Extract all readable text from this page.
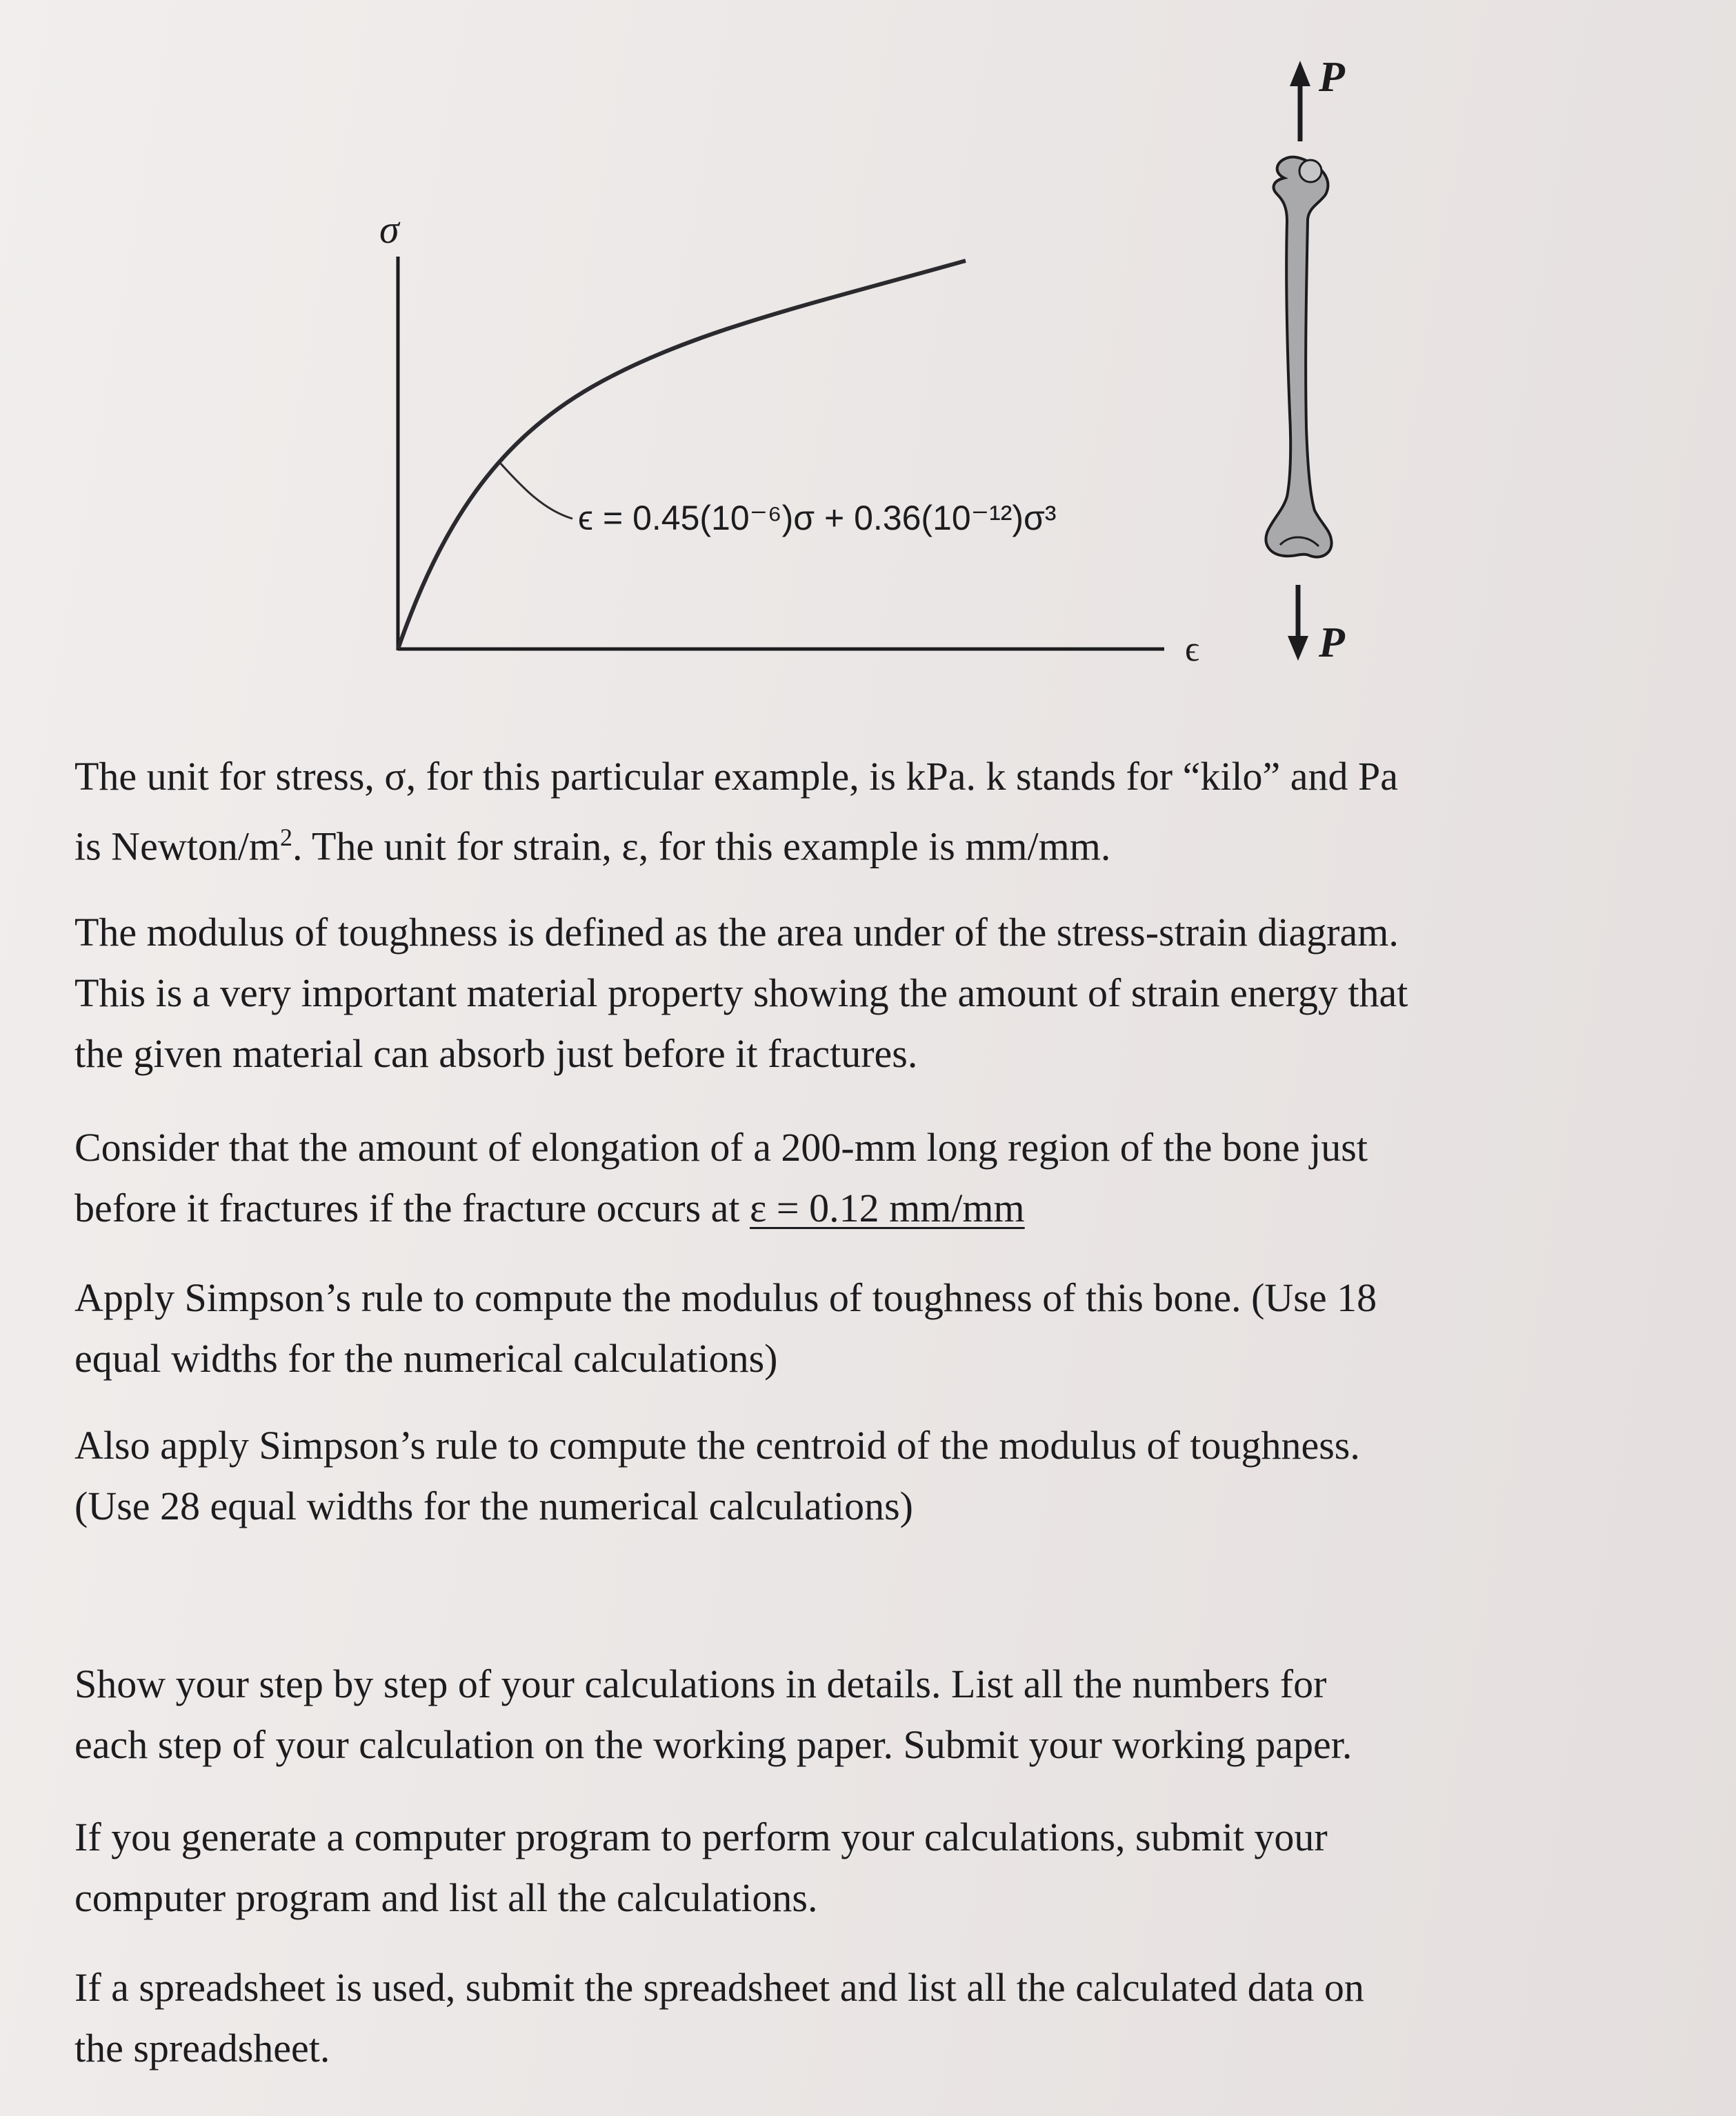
σ
ϵ
ϵ = 0.45(10⁻⁶)σ + 0.36(10⁻¹²)σ³
P
P

The unit for stress, σ, for this particular example, is kPa. k stands for “kilo” and Pa
is Newton/$m^2$. The unit for strain, ε, for this example is mm/mm.

The modulus of toughness is defined as the area under of the stress-strain diagram.
This is a very important material property showing the amount of strain energy that
the given material can absorb just before it fractures.

Consider that the amount of elongation of a 200-mm long region of the bone just
before it fractures if the fracture occurs at ε = 0.12 mm/mm

Apply Simpson’s rule to compute the modulus of toughness of this bone. (Use 18
equal widths for the numerical calculations)

Also apply Simpson’s rule to compute the centroid of the modulus of toughness.
(Use 28 equal widths for the numerical calculations)

Show your step by step of your calculations in details. List all the numbers for
each step of your calculation on the working paper. Submit your working paper.

If you generate a computer program to perform your calculations, submit your
computer program and list all the calculations.

If a spreadsheet is used, submit the spreadsheet and list all the calculated data on
the spreadsheet.
